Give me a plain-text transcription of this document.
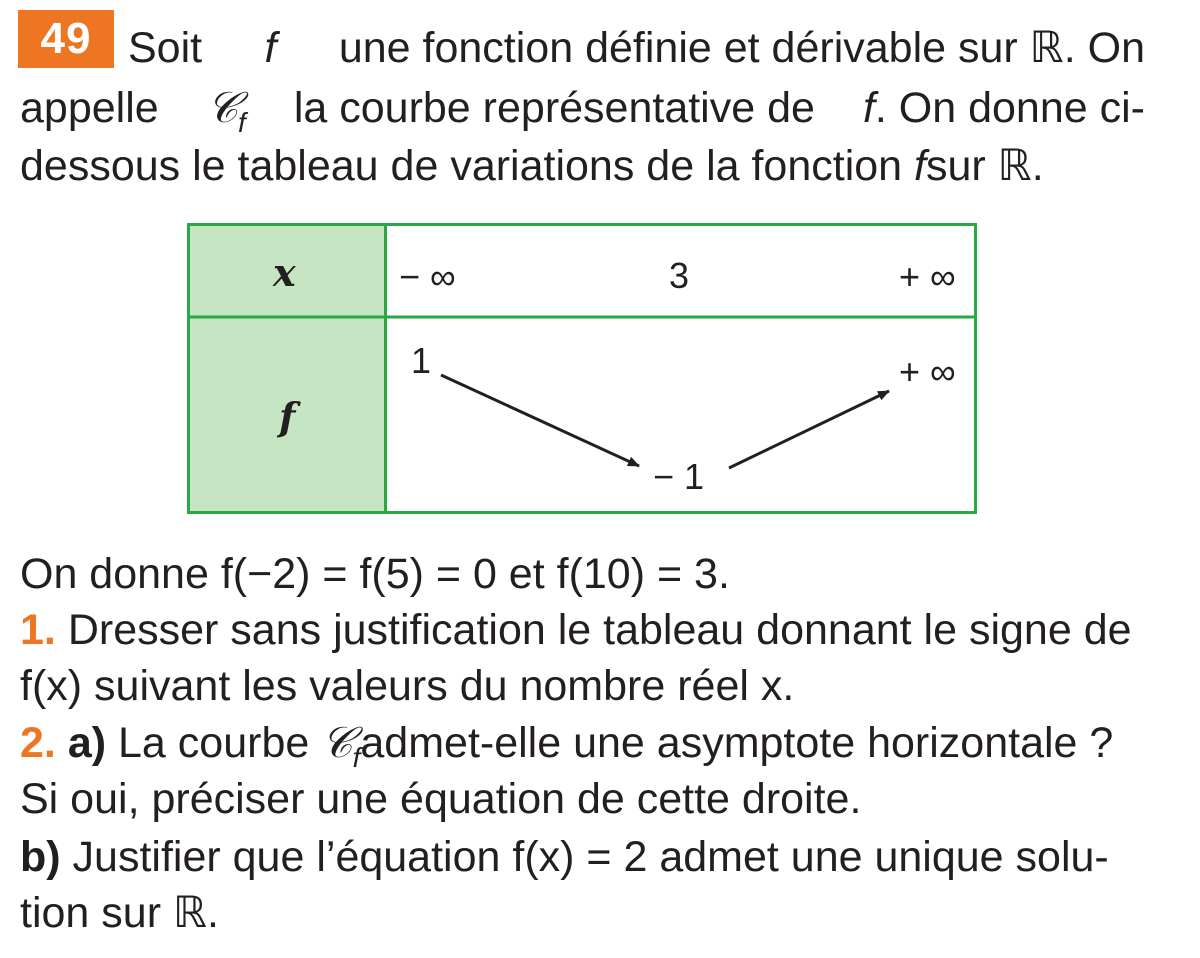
49 Soit f une fonction définie et dérivable sur ℝ. On
appelle 𝒞$_f$ la courbe représentative de f. On donne ci-
dessous le tableau de variations de la fonction fsur ℝ.
x
f
− ∞	3	+ ∞
1
− 1
+ ∞
On donne f(−2) = f(5) = 0 et f(10) = 3.
1. Dresser sans justification le tableau donnant le signe de
f(x) suivant les valeurs du nombre réel x.
2. a) La courbe 𝒞$_f$admet-elle une asymptote horizontale ?
Si oui, préciser une équation de cette droite.
b) Justifier que l’équation f(x) = 2 admet une unique solu-
tion sur ℝ.
